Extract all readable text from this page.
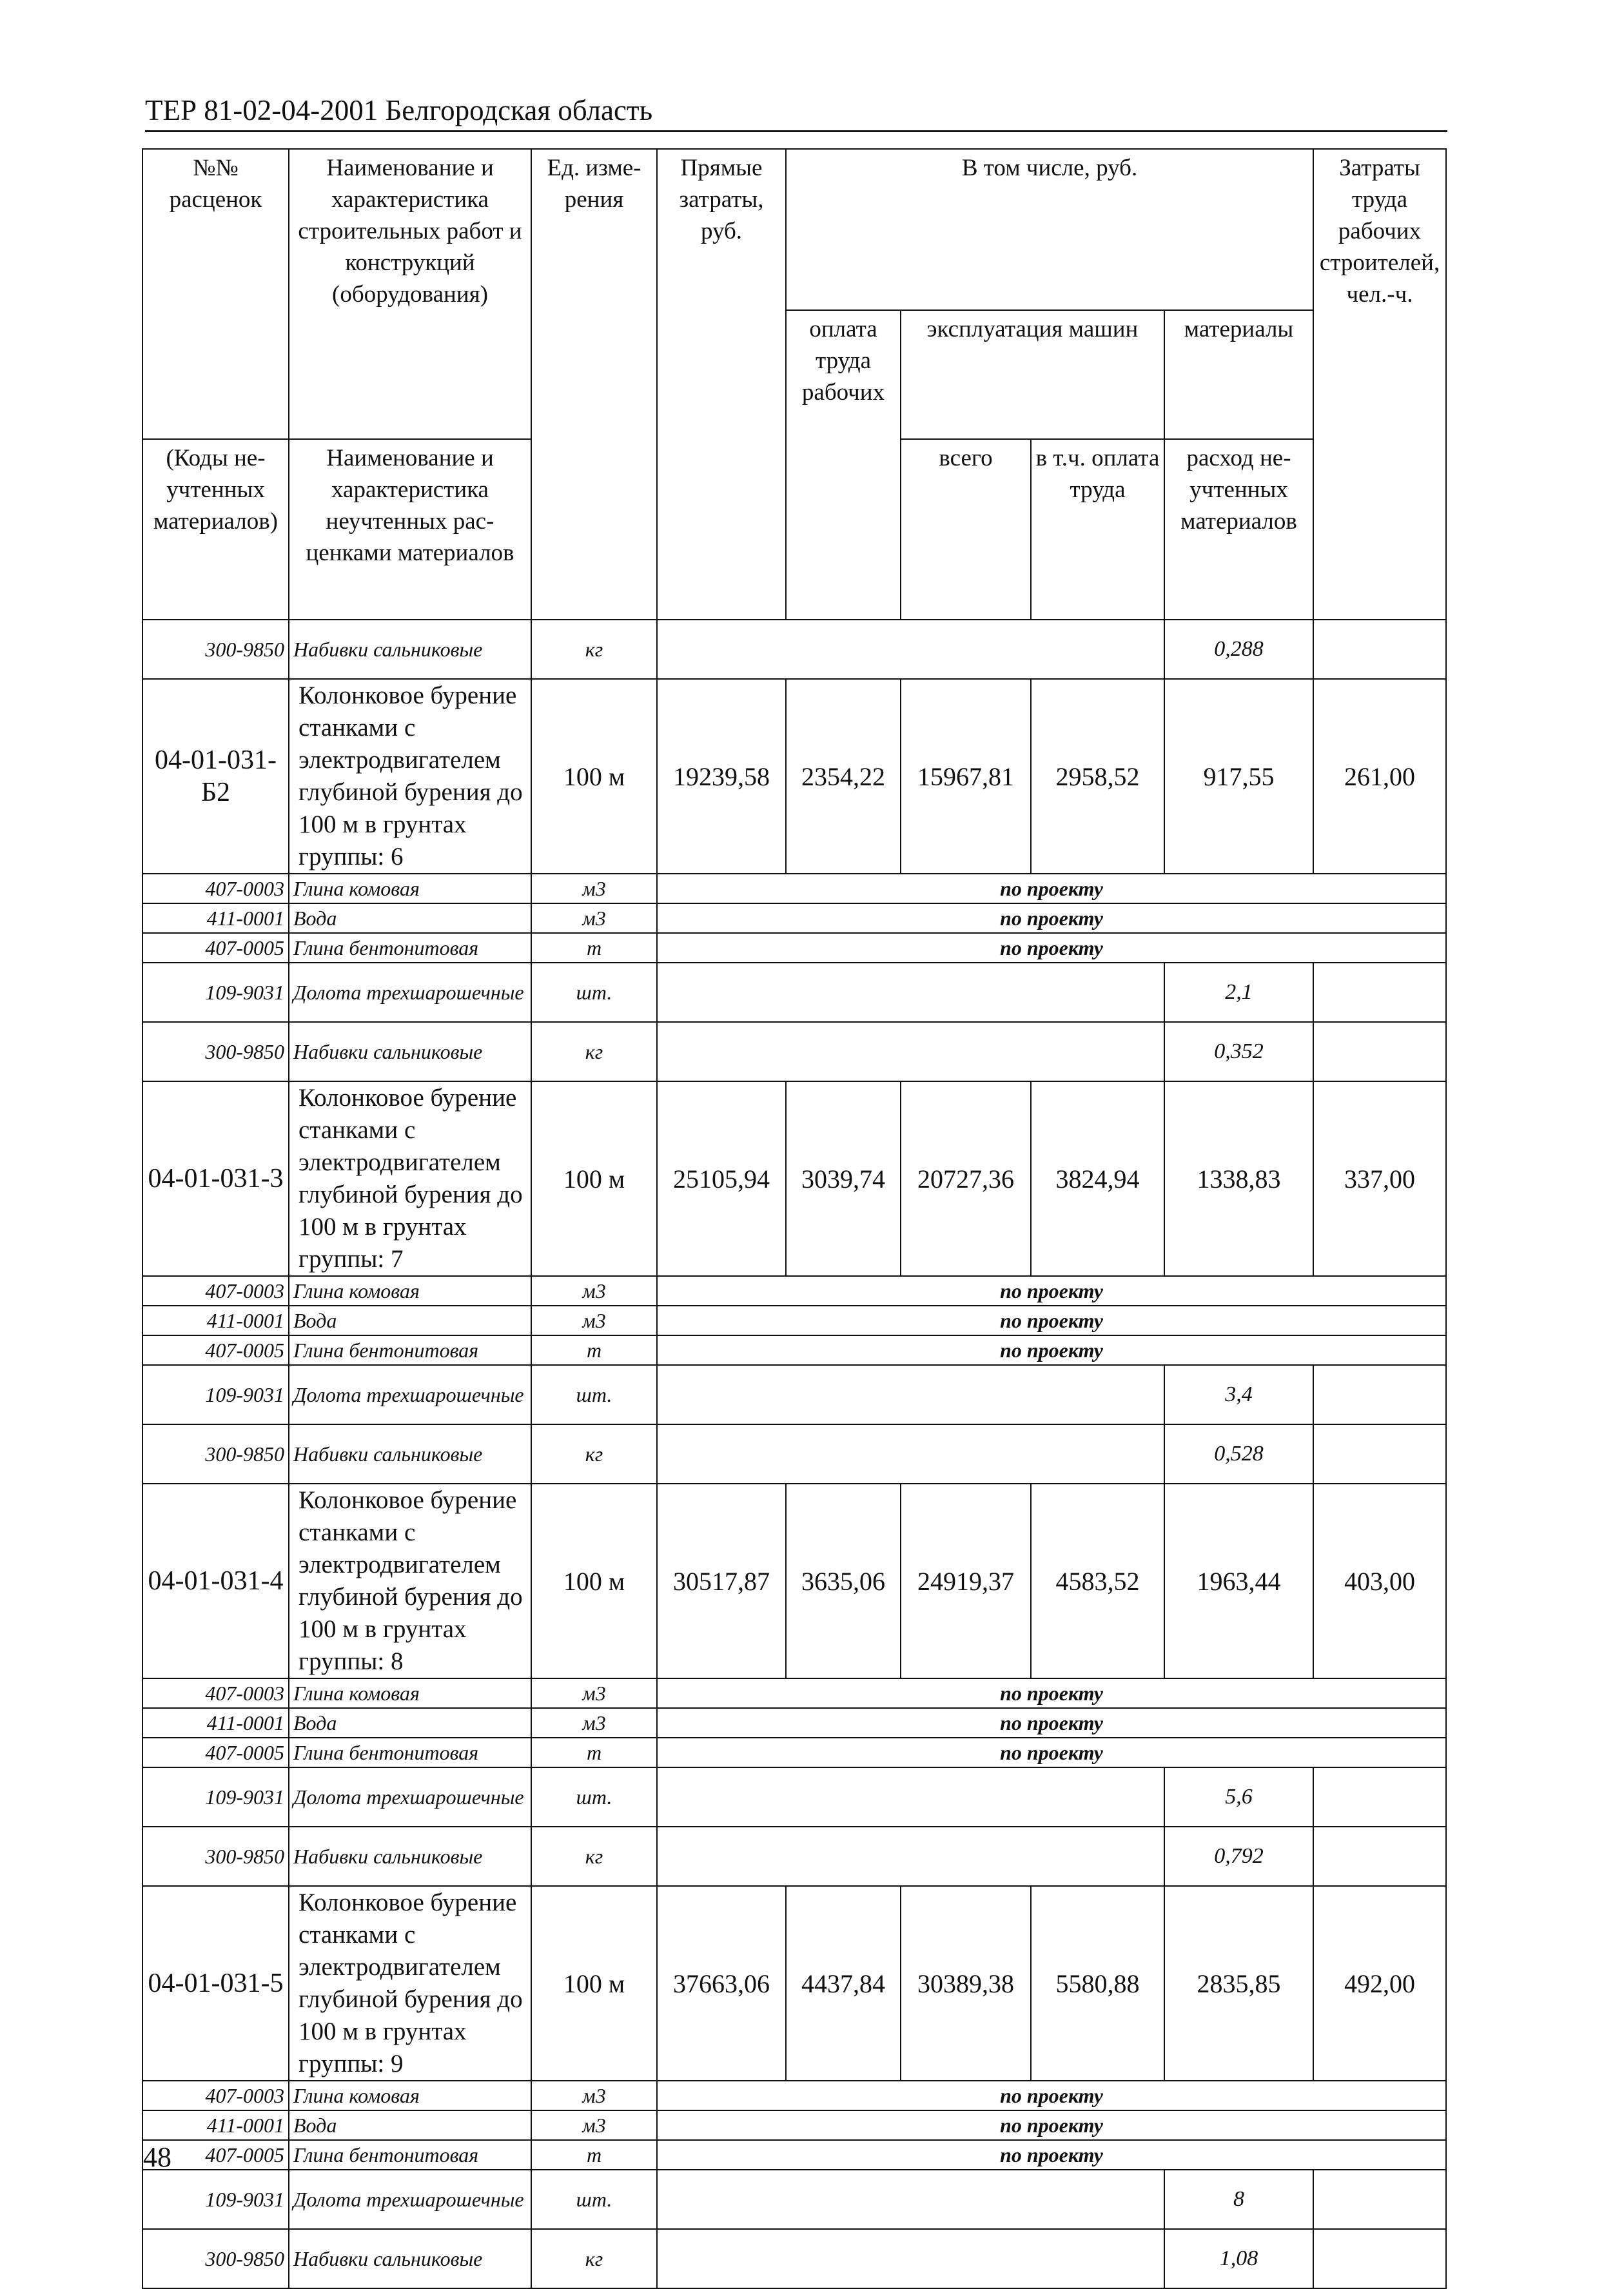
ТЕР 81-02-04-2001 Белгородская область
№№ расценок	Наименование и характеристика строительных работ и конструкций (оборудования)	Ед. измерения	Прямые затраты, руб.	В том числе, руб.				Затраты труда рабочих строителей, чел.-ч.
				оплата труда рабочих	эксплуатация машин		материалы	
(Коды неучтенных материалов)	Наименование и характеристика неучтенных расценками материалов				всего	в т.ч. оплата труда	расход неучтенных материалов	

300-9850	Набивки сальниковые	кг					0,288	
04-01-031-Б2	Колонковое бурение станками с электродвигателем глубиной бурения до 100 м в грунтах группы: 6	100 м	19239,58	2354,22	15967,81	2958,52	917,55	261,00
407-0003	Глина комовая	м3	по проекту					
411-0001	Вода	м3	по проекту					
407-0005	Глина бентонитовая	т	по проекту					
109-9031	Долота трехшарошечные	шт.					2,1	
300-9850	Набивки сальниковые	кг					0,352	
04-01-031-3	Колонковое бурение станками с электродвигателем глубиной бурения до 100 м в грунтах группы: 7	100 м	25105,94	3039,74	20727,36	3824,94	1338,83	337,00
407-0003	Глина комовая	м3	по проекту					
411-0001	Вода	м3	по проекту					
407-0005	Глина бентонитовая	т	по проекту					
109-9031	Долота трехшарошечные	шт.					3,4	
300-9850	Набивки сальниковые	кг					0,528	
04-01-031-4	Колонковое бурение станками с электродвигателем глубиной бурения до 100 м в грунтах группы: 8	100 м	30517,87	3635,06	24919,37	4583,52	1963,44	403,00
407-0003	Глина комовая	м3	по проекту					
411-0001	Вода	м3	по проекту					
407-0005	Глина бентонитовая	т	по проекту					
109-9031	Долота трехшарошечные	шт.					5,6	
300-9850	Набивки сальниковые	кг					0,792	
04-01-031-5	Колонковое бурение станками с электродвигателем глубиной бурения до 100 м в грунтах группы: 9	100 м	37663,06	4437,84	30389,38	5580,88	2835,85	492,00
407-0003	Глина комовая	м3	по проекту					
411-0001	Вода	м3	по проекту					
407-0005	Глина бентонитовая	т	по проекту					
109-9031	Долота трехшарошечные	шт.					8	
300-9850	Набивки сальниковые	кг					1,08	
48
